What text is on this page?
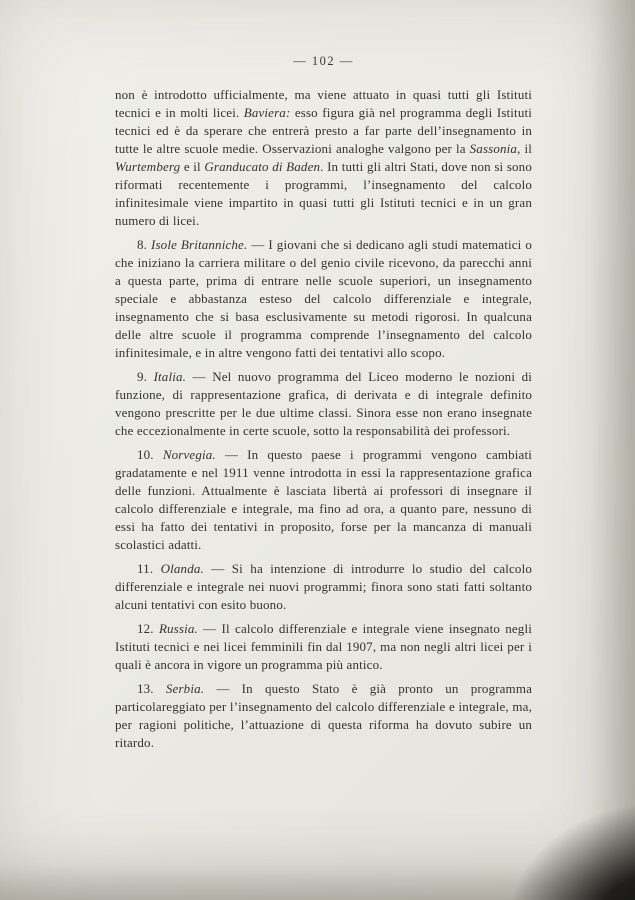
— 102 —

non è introdotto ufficialmente, ma viene attuato in quasi tutti gli Istituti tecnici e in molti licei. Baviera: esso figura già nel programma degli Istituti tecnici ed è da sperare che entrerà presto a far parte dell’insegnamento in tutte le altre scuole medie. Osservazioni analoghe valgono per la Sassonia, il Wurtemberg e il Granducato di Baden. In tutti gli altri Stati, dove non si sono riformati recentemente i programmi, l’insegnamento del calcolo infinitesimale viene impartito in quasi tutti gli Istituti tecnici e in un gran numero di licei.

8. Isole Britanniche. — I giovani che si dedicano agli studi matematici o che iniziano la carriera militare o del genio civile ricevono, da parecchi anni a questa parte, prima di entrare nelle scuole superiori, un insegnamento speciale e abbastanza esteso del calcolo differenziale e integrale, insegnamento che si basa esclusivamente su metodi rigorosi. In qualcuna delle altre scuole il programma comprende l’insegnamento del calcolo infinitesimale, e in altre vengono fatti dei tentativi allo scopo.

9. Italia. — Nel nuovo programma del Liceo moderno le nozioni di funzione, di rappresentazione grafica, di derivata e di integrale definito vengono prescritte per le due ultime classi. Sinora esse non erano insegnate che eccezionalmente in certe scuole, sotto la responsabilità dei professori.

10. Norvegia. — In questo paese i programmi vengono cambiati gradatamente e nel 1911 venne introdotta in essi la rappresentazione grafica delle funzioni. Attualmente è lasciata libertà ai professori di insegnare il calcolo differenziale e integrale, ma fino ad ora, a quanto pare, nessuno di essi ha fatto dei tentativi in proposito, forse per la mancanza di manuali scolastici adatti.

11. Olanda. — Si ha intenzione di introdurre lo studio del calcolo differenziale e integrale nei nuovi programmi; finora sono stati fatti soltanto alcuni tentativi con esito buono.

12. Russia. — Il calcolo differenziale e integrale viene insegnato negli Istituti tecnici e nei licei femminili fin dal 1907, ma non negli altri licei per i quali è ancora in vigore un programma più antico.

13. Serbia. — In questo Stato è già pronto un programma particolareggiato per l’insegnamento del calcolo differenziale e integrale, ma, per ragioni politiche, l’attuazione di questa riforma ha dovuto subire un ritardo.
